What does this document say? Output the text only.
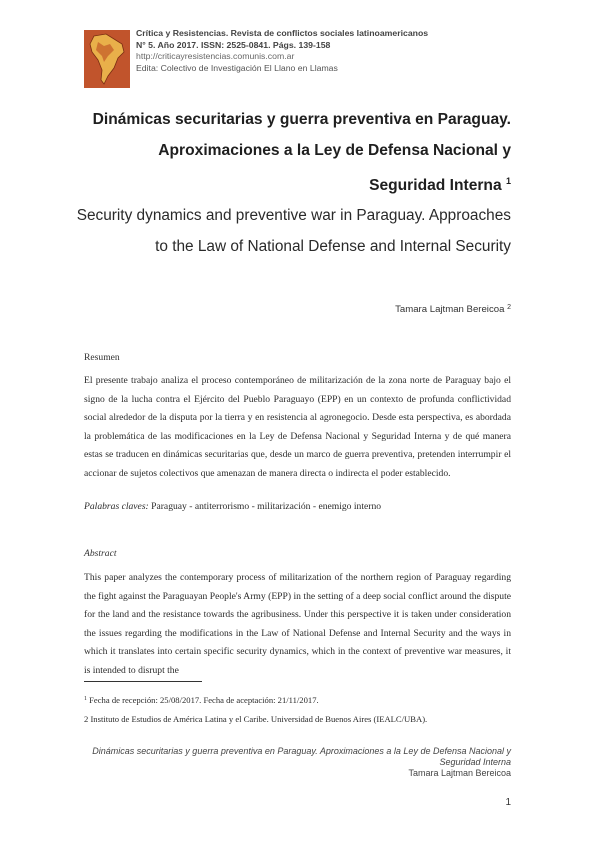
Crítica y Resistencias. Revista de conflictos sociales latinoamericanos
N° 5. Año 2017. ISSN: 2525-0841. Págs. 139-158
http://criticayresistencias.comunis.com.ar
Edita: Colectivo de Investigación El Llano en Llamas
Dinámicas securitarias y guerra preventiva en Paraguay.
Aproximaciones a la Ley de Defensa Nacional y
Seguridad Interna $^1$
Security dynamics and preventive war in Paraguay. Approaches
to the Law of National Defense and Internal Security
Tamara Lajtman Bereicoa $^2$
Resumen
El presente trabajo analiza el proceso contemporáneo de militarización de la zona norte de Paraguay bajo el signo de la lucha contra el Ejército del Pueblo Paraguayo (EPP) en un contexto de profunda conflictividad social alrededor de la disputa por la tierra y en resistencia al agronegocio. Desde esta perspectiva, es abordada la problemática de las modificaciones en la Ley de Defensa Nacional y Seguridad Interna y de qué manera estas se traducen en dinámicas securitarias que, desde un marco de guerra preventiva, pretenden interrumpir el accionar de sujetos colectivos que amenazan de manera directa o indirecta el poder establecido.
Palabras claves: Paraguay - antiterrorismo - militarización - enemigo interno
Abstract
This paper analyzes the contemporary process of militarization of the northern region of Paraguay regarding the fight against the Paraguayan People's Army (EPP) in the setting of a deep social conflict around the dispute for the land and the resistance towards the agribusiness. Under this perspective it is taken under consideration the issues regarding the modifications in the Law of National Defense and Internal Security and the ways in which it translates into certain specific security dynamics, which in the context of preventive war measures, it is intended to disrupt the
$^1$ Fecha de recepción: 25/08/2017. Fecha de aceptación: 21/11/2017.
2 Instituto de Estudios de América Latina y el Caribe. Universidad de Buenos Aires (IEALC/UBA).
Dinámicas securitarias y guerra preventiva en Paraguay. Aproximaciones a la Ley de Defensa Nacional y
Seguridad Interna
Tamara Lajtman Bereicoa
1
